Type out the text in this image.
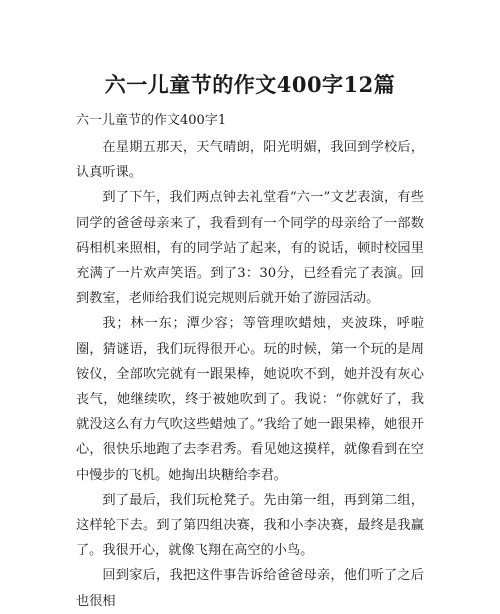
六一儿童节的作文400字12篇
六一儿童节的作文400字1

在星期五那天，天气晴朗，阳光明媚，我回到学校后，认真听课。

到了下午，我们两点钟去礼堂看“六一”文艺表演，有些同学的爸爸母亲来了，我看到有一个同学的母亲给了一部数码相机来照相，有的同学站了起来，有的说话，顿时校园里充满了一片欢声笑语。到了3：30分，已经看完了表演。回到教室，老师给我们说完规则后就开始了游园活动。

我；林一东；潭少容；等管理吹蜡烛，夹波珠，呼啦圈，猜谜语，我们玩得很开心。玩的时候，第一个玩的是周铵仪，全部吹完就有一跟果棒，她说吹不到，她并没有灰心丧气，她继续吹，终于被她吹到了。我说：“你就好了，我就没这么有力气吹这些蜡烛了。”我给了她一跟果棒，她很开心，很快乐地跑了去李君秀。看见她这摸样，就像看到在空中慢步的飞机。她掏出块糖给李君。

到了最后，我们玩枪凳子。先由第一组，再到第二组，这样轮下去。到了第四组决赛，我和小李决赛，最终是我赢了。我很开心，就像飞翔在高空的小鸟。

回到家后，我把这件事告诉给爸爸母亲，他们听了之后也很相
